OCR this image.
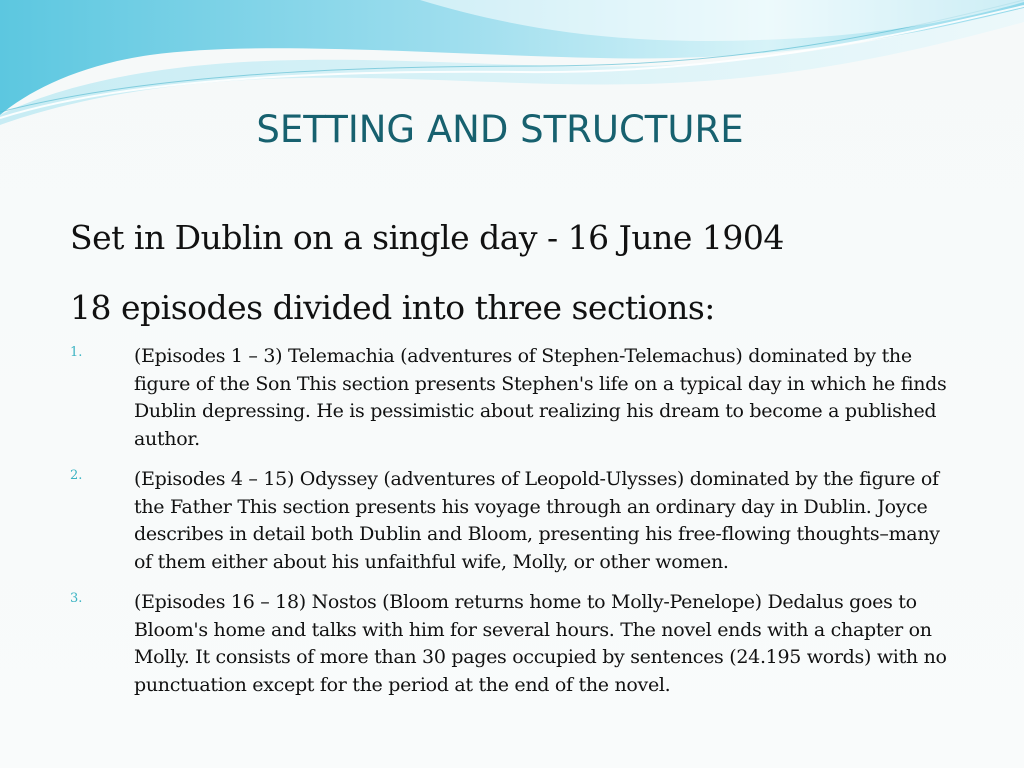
SETTING AND STRUCTURE

Set in Dublin on a single day - 16 June 1904

18 episodes divided into three sections:

1.	(Episodes 1 – 3) Telemachia (adventures of Stephen-Telemachus) dominated by the figure of the Son This section presents Stephen's life on a typical day in which he finds Dublin depressing. He is pessimistic about realizing his dream to become a published author.
2.	(Episodes 4 – 15) Odyssey (adventures of Leopold-Ulysses) dominated by the figure of the Father This section presents his voyage through an ordinary day in Dublin. Joyce describes in detail both Dublin and Bloom, presenting his free-flowing thoughts–many of them either about his unfaithful wife, Molly, or other women.
3.	(Episodes 16 – 18) Nostos (Bloom returns home to Molly-Penelope) Dedalus goes to Bloom's home and talks with him for several hours. The novel ends with a chapter on Molly. It consists of more than 30 pages occupied by sentences (24.195 words) with no punctuation except for the period at the end of the novel.
